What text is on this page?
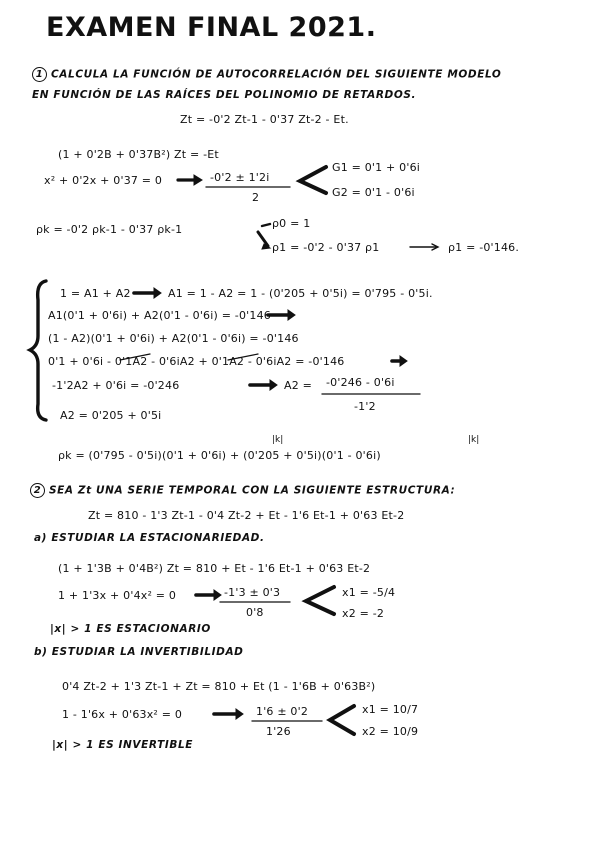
EXAMEN FINAL 2021.
1 CALCULA LA FUNCIÓN DE AUTOCORRELACIÓN DEL SIGUIENTE MODELO
EN FUNCIÓN DE LAS RAÍCES DEL POLINOMIO DE RETARDOS.
Zt = -0'2 Zt-1 - 0'37 Zt-2 - Et.
(1 + 0'2B + 0'37B²) Zt = -Et
x² + 0'2x + 0'37 = 0	-0'2 ± 1'2i
2
G1 = 0'1 + 0'6i
G2 = 0'1 - 0'6i
ρk = -0'2 ρk-1 - 0'37 ρk-1	ρ0 = 1
ρ1 = -0'2 - 0'37 ρ1	ρ1 = -0'146.
1 = A1 + A2	A1 = 1 - A2 = 1 - (0'205 + 0'5i) = 0'795 - 0'5i.
A1(0'1 + 0'6i) + A2(0'1 - 0'6i) = -0'146
(1 - A2)(0'1 + 0'6i) + A2(0'1 - 0'6i) = -0'146
0'1 + 0'6i - 0'1A2 - 0'6iA2 + 0'1A2 - 0'6iA2 = -0'146
-1'2A2 + 0'6i = -0'246	A2 = -0'246 - 0'6i
-1'2
A2 = 0'205 + 0'5i
|k|	|k|
ρk = (0'795 - 0'5i)(0'1 + 0'6i) + (0'205 + 0'5i)(0'1 - 0'6i)
2 SEA Zt UNA SERIE TEMPORAL CON LA SIGUIENTE ESTRUCTURA:
Zt = 810 - 1'3 Zt-1 - 0'4 Zt-2 + Et - 1'6 Et-1 + 0'63 Et-2
a) ESTUDIAR LA ESTACIONARIEDAD.
(1 + 1'3B + 0'4B²) Zt = 810 + Et - 1'6 Et-1 + 0'63 Et-2
1 + 1'3x + 0'4x² = 0	-1'3 ± 0'3
0'8
x1 = -5/4
x2 = -2
|x| > 1 ES ESTACIONARIO
b) ESTUDIAR LA INVERTIBILIDAD
0'4 Zt-2 + 1'3 Zt-1 + Zt = 810 + Et (1 - 1'6B + 0'63B²)
1 - 1'6x + 0'63x² = 0	1'6 ± 0'2
1'26
x1 = 10/7
x2 = 10/9
|x| > 1 ES INVERTIBLE
